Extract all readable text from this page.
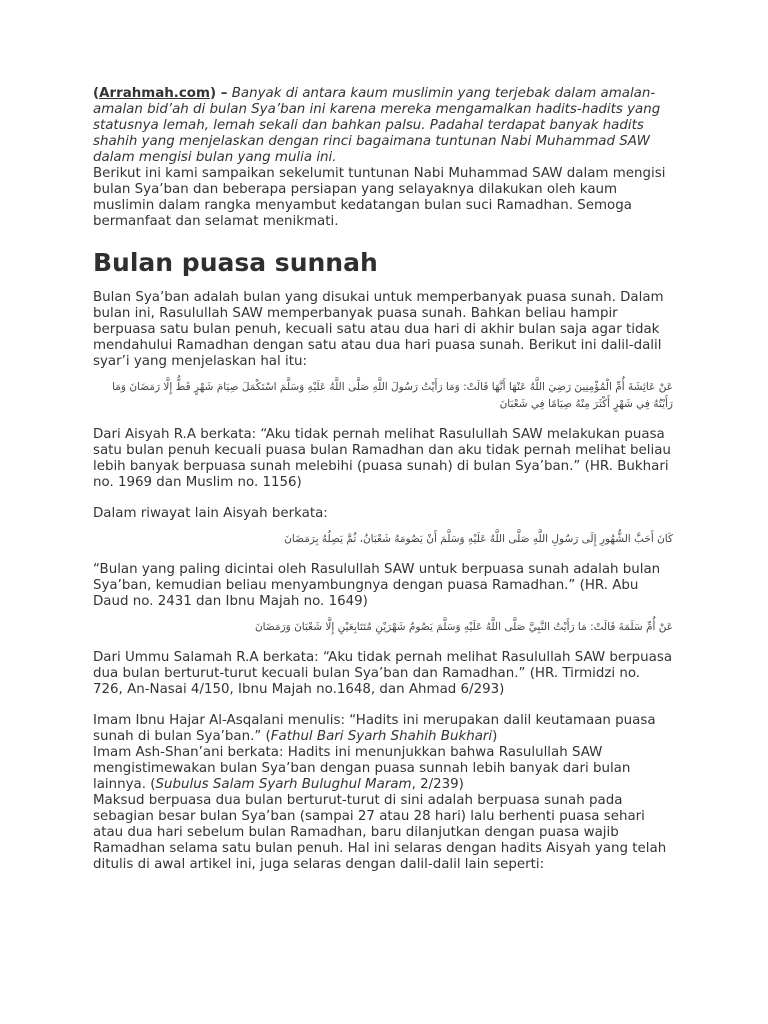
(Arrahmah.com) – Banyak di antara kaum muslimin yang terjebak dalam amalan-amalan bid’ah di bulan Sya’ban ini karena mereka mengamalkan hadits-hadits yang statusnya lemah, lemah sekali dan bahkan palsu. Padahal terdapat banyak hadits shahih yang menjelaskan dengan rinci bagaimana tuntunan Nabi Muhammad SAW dalam mengisi bulan yang mulia ini.

Berikut ini kami sampaikan sekelumit tuntunan Nabi Muhammad SAW dalam mengisi bulan Sya’ban dan beberapa persiapan yang selayaknya dilakukan oleh kaum muslimin dalam rangka menyambut kedatangan bulan suci Ramadhan. Semoga bermanfaat dan selamat menikmati.

Bulan puasa sunnah

Bulan Sya’ban adalah bulan yang disukai untuk memperbanyak puasa sunah. Dalam bulan ini, Rasulullah SAW memperbanyak puasa sunah. Bahkan beliau hampir berpuasa satu bulan penuh, kecuali satu atau dua hari di akhir bulan saja agar tidak mendahului Ramadhan dengan satu atau dua hari puasa sunah. Berikut ini dalil-dalil syar’i yang menjelaskan hal itu:

عَنْ عَائِشَةَ أُمِّ الْمُؤْمِنِينَ رَضِيَ اللَّهُ عَنْهَا أَنَّهَا قَالَتْ: وَمَا رَأَيْتُ رَسُولَ اللَّهِ صَلَّى اللَّهُ عَلَيْهِ وَسَلَّمَ اسْتَكْمَلَ صِيَامَ شَهْرٍ قَطُّ إِلَّا رَمَضَانَ وَمَا رَأَيْتُهُ فِي شَهْرٍ أَكْثَرَ مِنْهُ صِيَامًا فِي شَعْبَانَ

Dari Aisyah R.A berkata: “Aku tidak pernah melihat Rasulullah SAW melakukan puasa satu bulan penuh kecuali puasa bulan Ramadhan dan aku tidak pernah melihat beliau lebih banyak berpuasa sunah melebihi (puasa sunah) di bulan Sya’ban.” (HR. Bukhari no. 1969 dan Muslim no. 1156)

Dalam riwayat lain Aisyah berkata:

كَانَ أَحَبَّ الشُّهُورِ إِلَى رَسُولِ اللَّهِ صَلَّى اللَّهُ عَلَيْهِ وَسَلَّمَ أَنْ يَصُومَهُ شَعْبَانُ، ثُمَّ يَصِلُهُ بِرَمَضَانَ

“Bulan yang paling dicintai oleh Rasulullah SAW untuk berpuasa sunah adalah bulan Sya’ban, kemudian beliau menyambungnya dengan puasa Ramadhan.” (HR. Abu Daud no. 2431 dan Ibnu Majah no. 1649)

عَنْ أُمِّ سَلَمَةَ قَالَتْ: مَا رَأَيْتُ النَّبِيَّ صَلَّى اللَّهُ عَلَيْهِ وَسَلَّمَ يَصُومُ شَهْرَيْنِ مُتَتَابِعَيْنِ إِلَّا شَعْبَانَ وَرَمَضَانَ

Dari Ummu Salamah R.A berkata: “Aku tidak pernah melihat Rasulullah SAW berpuasa dua bulan berturut-turut kecuali bulan Sya’ban dan Ramadhan.” (HR. Tirmidzi no. 726, An-Nasai 4/150, Ibnu Majah no.1648, dan Ahmad 6/293)

Imam Ibnu Hajar Al-Asqalani menulis: “Hadits ini merupakan dalil keutamaan puasa sunah di bulan Sya’ban.” (Fathul Bari Syarh Shahih Bukhari)

Imam Ash-Shan’ani berkata: Hadits ini menunjukkan bahwa Rasulullah SAW mengistimewakan bulan Sya’ban dengan puasa sunnah lebih banyak dari bulan lainnya. (Subulus Salam Syarh Bulughul Maram, 2/239)

Maksud berpuasa dua bulan berturut-turut di sini adalah berpuasa sunah pada sebagian besar bulan Sya’ban (sampai 27 atau 28 hari) lalu berhenti puasa sehari atau dua hari sebelum bulan Ramadhan, baru dilanjutkan dengan puasa wajib Ramadhan selama satu bulan penuh. Hal ini selaras dengan hadits Aisyah yang telah ditulis di awal artikel ini, juga selaras dengan dalil-dalil lain seperti:
